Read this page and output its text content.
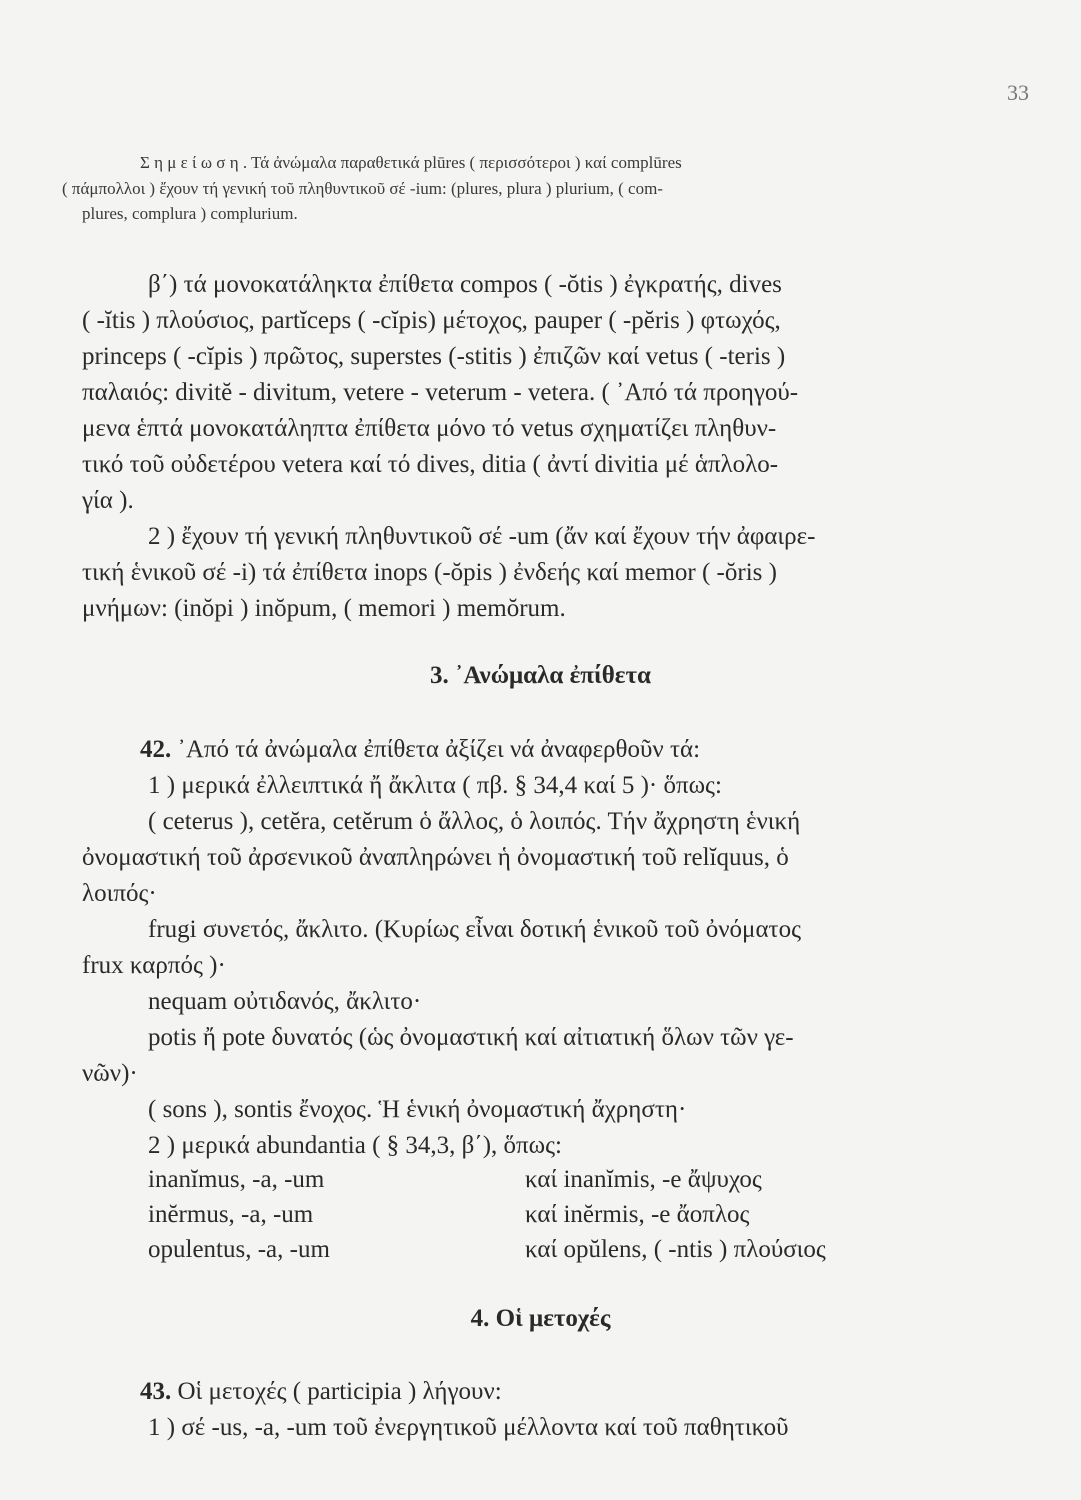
33
Σ η μ ε ί ω σ η . Τά ἀνώμαλα παραθετικά plūres ( περισσότεροι ) καί complūres
( πάμπολλοι ) ἔχουν τή γενική τοῦ πληθυντικοῦ σέ -ium: (plures, plura ) plurium, ( com-
plures, complura ) complurium.
β΄) τά μονοκατάληκτα ἐπίθετα compos ( -ŏtis ) ἐγκρατής, dives
( -ĭtis ) πλούσιος, partĭceps ( -cĭpis) μέτοχος, pauper ( -pĕris ) φτωχός,
princeps ( -cĭpis ) πρῶτος, superstes (-stitis ) ἐπιζῶν καί vetus ( -teris )
παλαιός: divitĕ - divitum, vetere - veterum - vetera. ( ᾿Από τά προηγού-
μενα ἑπτά μονοκατάληπτα ἐπίθετα μόνο τό vetus σχηματίζει πληθυν-
τικό τοῦ οὐδετέρου vetera καί τό dives, ditia ( ἀντί divitia μέ ἁπλολο-
γία ).
2 ) ἔχουν τή γενική πληθυντικοῦ σέ -um (ἄν καί ἔχουν τήν ἀφαιρε-
τική ἑνικοῦ σέ -i) τά ἐπίθετα inops (-ŏpis ) ἐνδεής καί memor ( -ŏris )
μνήμων: (inŏpi ) inŏpum, ( memori ) memŏrum.
3. ᾿Ανώμαλα ἐπίθετα
42. ᾿Από τά ἀνώμαλα ἐπίθετα ἀξίζει νά ἀναφερθοῦν τά:
1 ) μερικά ἐλλειπτικά ἤ ἄκλιτα ( πβ. § 34,4 καί 5 )· ὅπως:
( ceterus ), cetĕra, cetĕrum ὁ ἄλλος, ὁ λοιπός. Τήν ἄχρηστη ἑνική
ὀνομαστική τοῦ ἀρσενικοῦ ἀναπληρώνει ἡ ὀνομαστική τοῦ relĭquus, ὁ
λοιπός·
frugi συνετός, ἄκλιτο. (Κυρίως εἶναι δοτική ἑνικοῦ τοῦ ὀνόματος
frux καρπός )·
nequam οὐτιδανός, ἄκλιτο·
potis ἤ pote δυνατός (ὡς ὀνομαστική καί αἰτιατική ὅλων τῶν γε-
νῶν)·
( sons ), sontis ἔνοχος. Ἡ ἑνική ὀνομαστική ἄχρηστη·
2 ) μερικά abundantia ( § 34,3, β΄), ὅπως:
inanĭmus, -a, -um	καί inanĭmis, -e ἄψυχος
inĕrmus, -a, -um	καί inĕrmis, -e ἄοπλος
opulentus, -a, -um	καί opŭlens, ( -ntis ) πλούσιος
4. Οἱ μετοχές
43. Οἱ μετοχές ( participia ) λήγουν:
1 ) σέ -us, -a, -um τοῦ ἐνεργητικοῦ μέλλοντα καί τοῦ παθητικοῦ
